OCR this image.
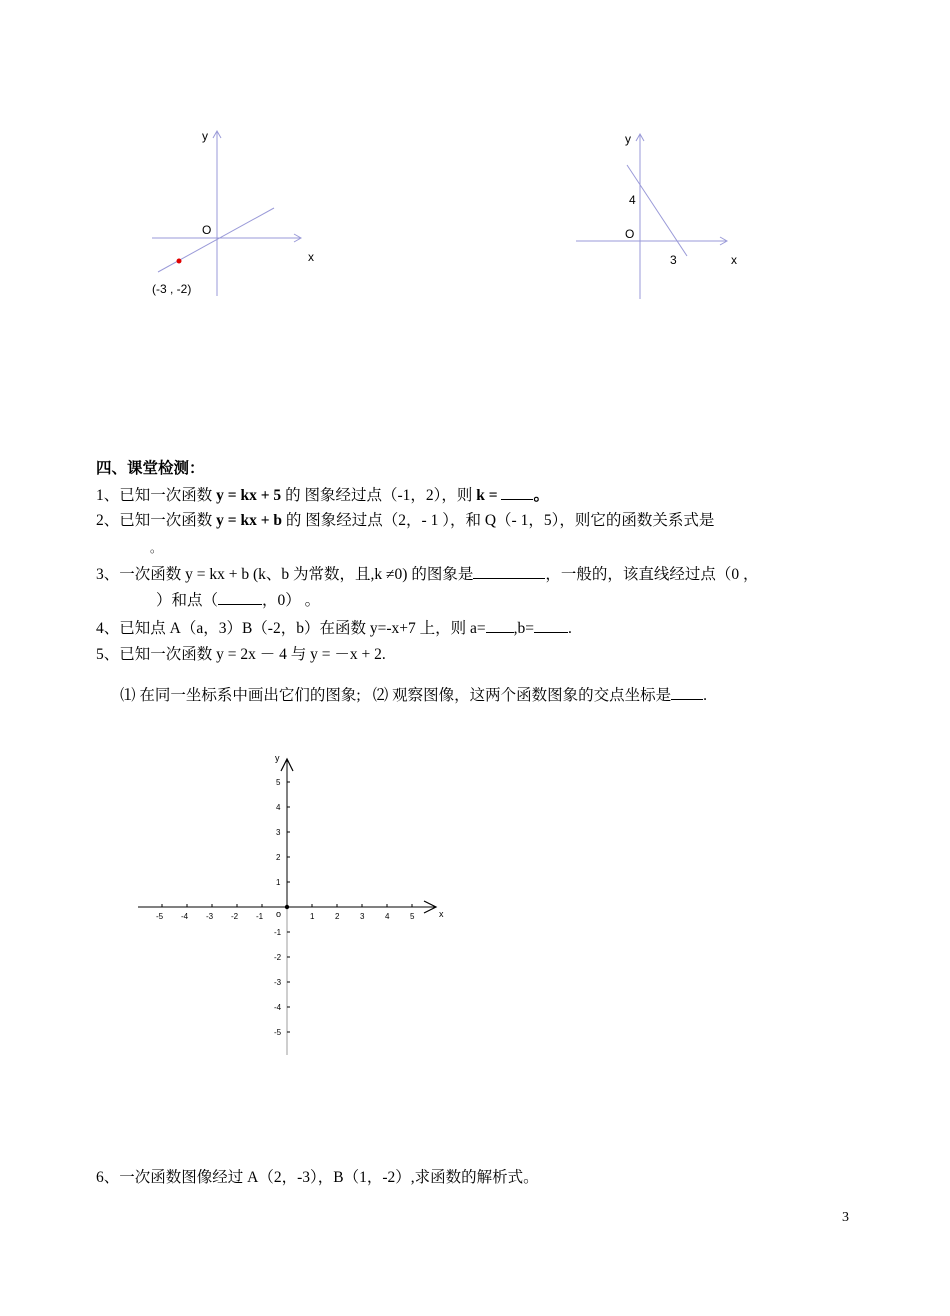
y
O
x
(-3 , -2)
y
4
O
3	x
四、课堂检测：
1、已知一次函数 y = kx + 5 的 图象经过点（-1，2），则 k = 。
2、已知一次函数 y = kx + b 的 图象经过点（2，- 1 ），和 Q（- 1，5），则它的函数关系式是
。
3、一次函数 y = kx + b (k、b 为常数，且,k ≠0) 的图象是	，一般的，该直线经过点（0 ，
）和点（	，0） 。
4、已知点 A（a，3）B（-2，b）在函数 y=-x+7 上，则 a= ,b= .
5、已知一次函数 y = 2x － 4 与 y = －x + 2.
⑴ 在同一坐标系中画出它们的图象; ⑵ 观察图像，这两个函数图象的交点坐标是 .
x
y
o
-5 -4 -3 -2 -1	1	2	3	4	5
5
4
3
2
1
-1
-2
-3
-4
-5
3
6、一次函数图像经过 A（2，-3），B（1，-2）,求函数的解析式。
